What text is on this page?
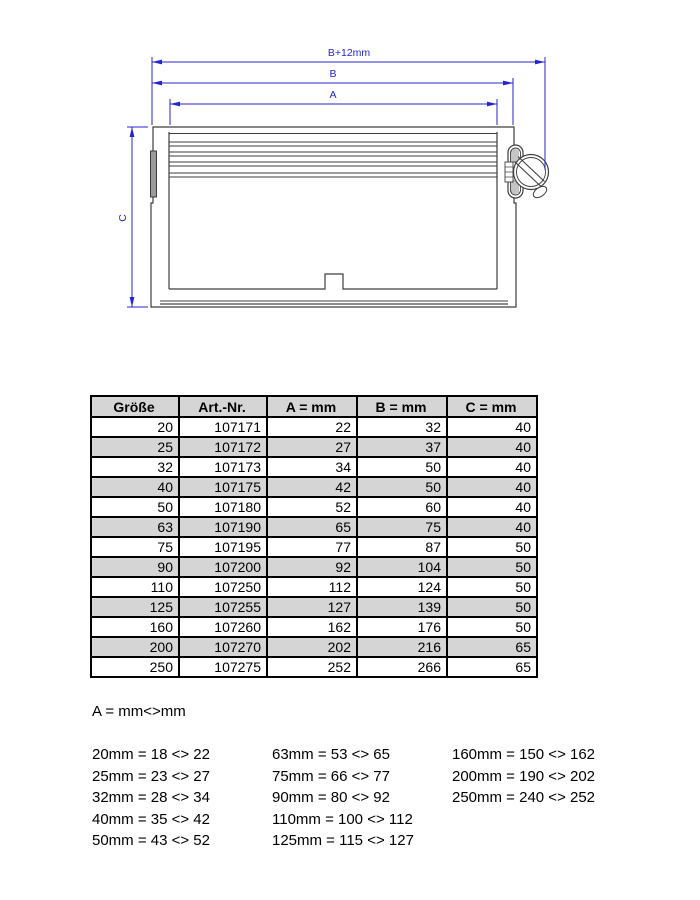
B+12mm
B
A
C
Größe	Art.-Nr.	A = mm	B = mm	C = mm
20	107171	22	32	40
25	107172	27	37	40
32	107173	34	50	40
40	107175	42	50	40
50	107180	52	60	40
63	107190	65	75	40
75	107195	77	87	50
90	107200	92	104	50
110	107250	112	124	50
125	107255	127	139	50
160	107260	162	176	50
200	107270	202	216	65
250	107275	252	266	65
A = mm<>mm
20mm = 18 <> 22
25mm = 23 <> 27
32mm = 28 <> 34
40mm = 35 <> 42
50mm = 43 <> 52
63mm = 53 <> 65
75mm = 66 <> 77
90mm = 80 <> 92
110mm = 100 <> 112
125mm = 115 <> 127
160mm = 150 <> 162
200mm = 190 <> 202
250mm = 240 <> 252
